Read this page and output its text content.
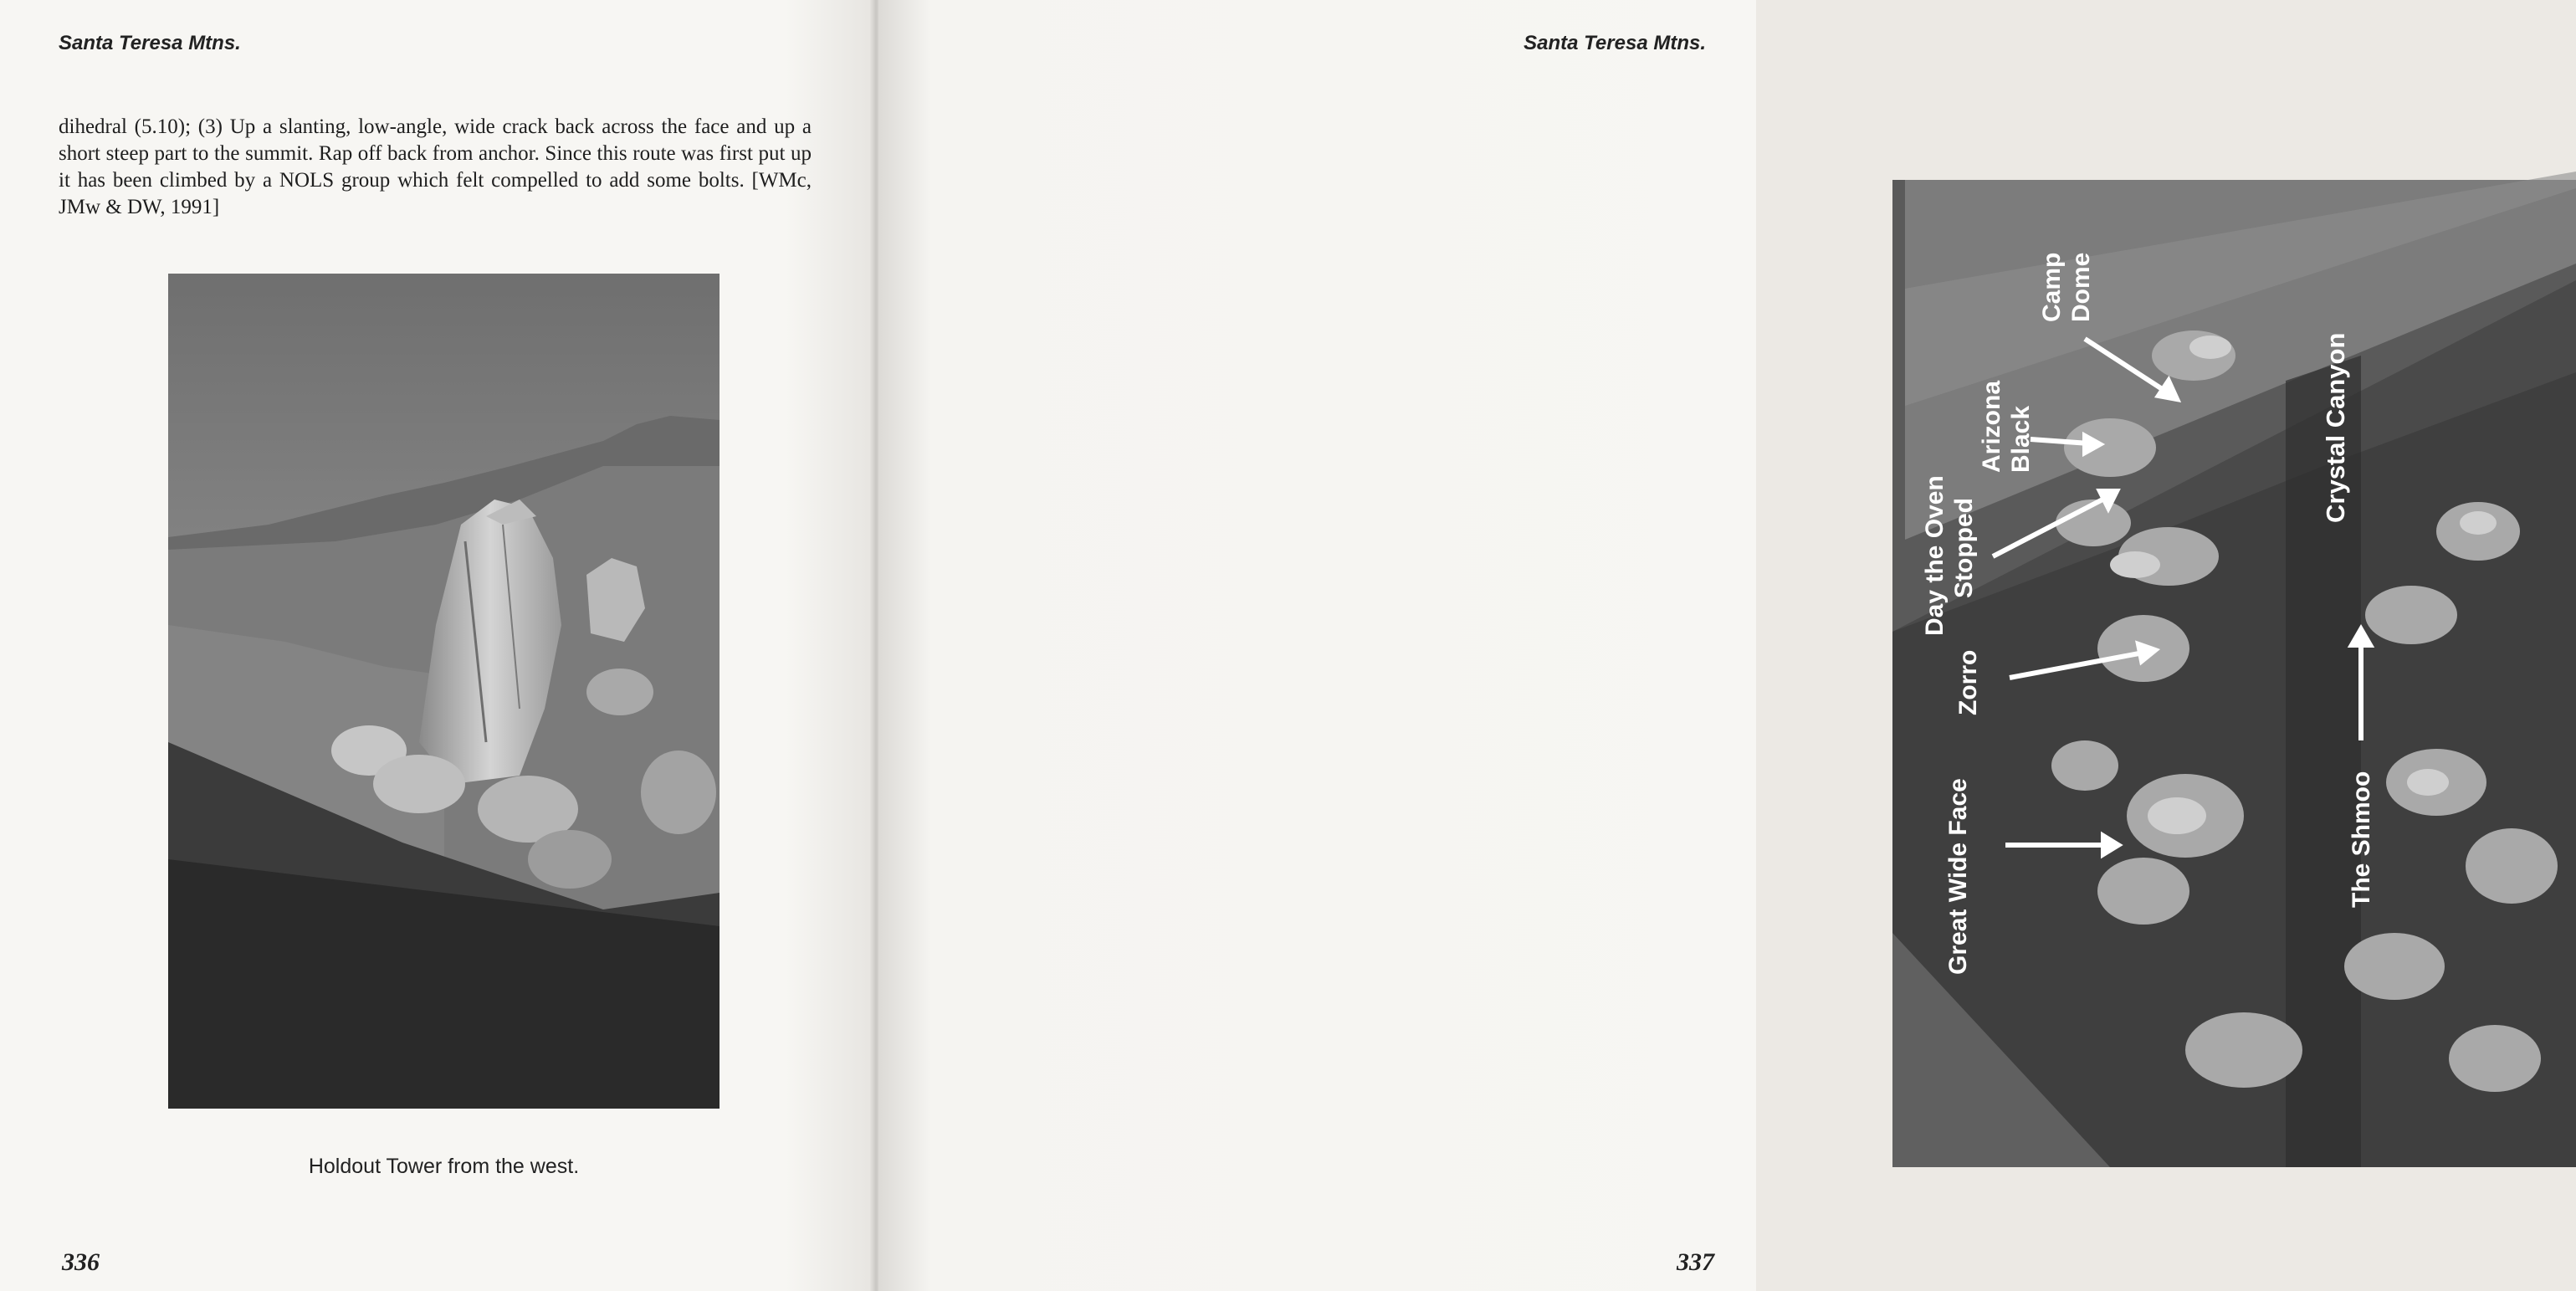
Santa Teresa Mtns.

dihedral (5.10); (3) Up a slanting, low-angle, wide crack back across the face and up a short steep part to the summit. Rap off back from anchor. Since this route was first put up it has been climbed by a NOLS group which felt compelled to add some bolts. [WMc, JMw & DW, 1991]

Holdout Tower from the west.
336
Santa Teresa Mtns.
Camp Dome
Arizona Black
Day the Oven Stopped
Zorro
Great Wide Face
Crystal Canyon
The Shmoo
337
